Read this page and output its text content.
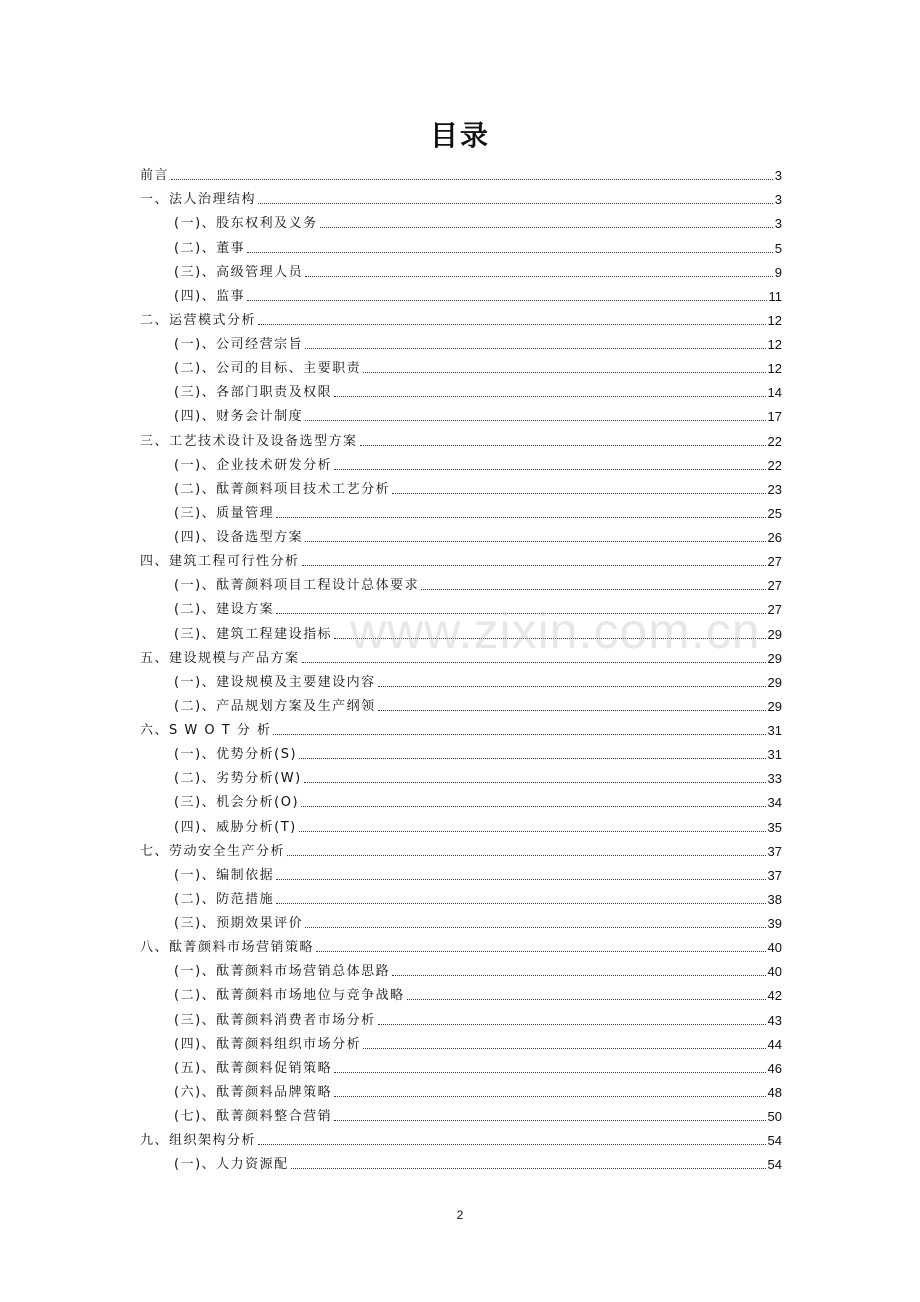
目录
前言	3
一、法人治理结构	3
(一)、股东权利及义务	3
(二)、董事	5
(三)、高级管理人员	9
(四)、监事	11
二、运营模式分析	12
(一)、公司经营宗旨	12
(二)、公司的目标、主要职责	12
(三)、各部门职责及权限	14
(四)、财务会计制度	17
三、工艺技术设计及设备选型方案	22
(一)、企业技术研发分析	22
(二)、酞菁颜料项目技术工艺分析	23
(三)、质量管理	25
(四)、设备选型方案	26
四、建筑工程可行性分析	27
(一)、酞菁颜料项目工程设计总体要求	27
(二)、建设方案	27
(三)、建筑工程建设指标	29
五、建设规模与产品方案	29
(一)、建设规模及主要建设内容	29
(二)、产品规划方案及生产纲领	29
六、S W O T 分 析	31
(一)、优势分析(S)	31
(二)、劣势分析(W)	33
(三)、机会分析(O)	34
(四)、威胁分析(T)	35
七、劳动安全生产分析	37
(一)、编制依据	37
(二)、防范措施	38
(三)、预期效果评价	39
八、酞菁颜料市场营销策略	40
(一)、酞菁颜料市场营销总体思路	40
(二)、酞菁颜料市场地位与竞争战略	42
(三)、酞菁颜料消费者市场分析	43
(四)、酞菁颜料组织市场分析	44
(五)、酞菁颜料促销策略	46
(六)、酞菁颜料品牌策略	48
(七)、酞菁颜料整合营销	50
九、组织架构分析	54
(一)、人力资源配	54
www.zixin.com.cn
2
